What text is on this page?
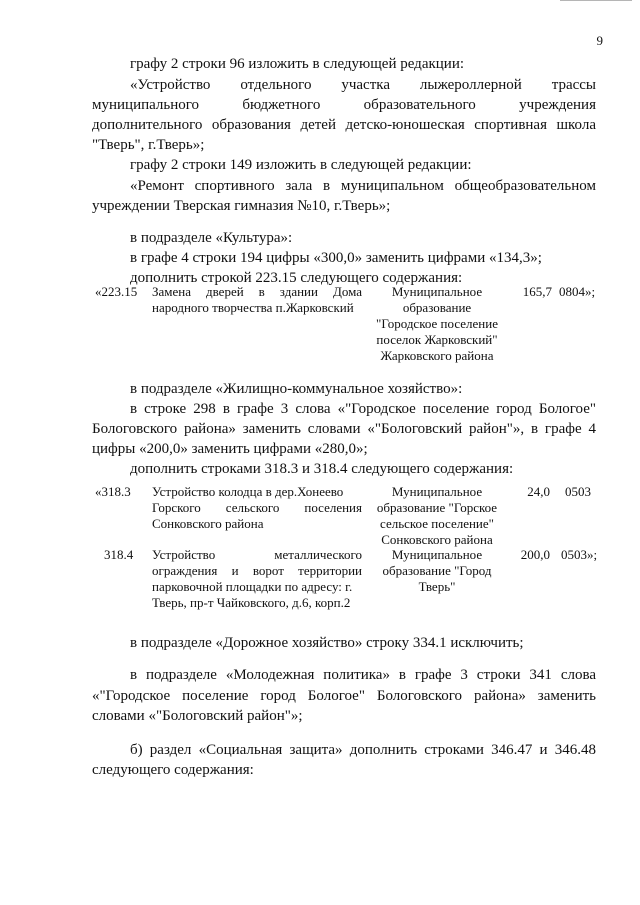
9
графу 2 строки 96 изложить в следующей редакции:
«Устройство отдельного участка лыжероллерной трассы
муниципального бюджетного образовательного учреждения
дополнительного образования детей детско-юношеская спортивная школа
"Тверь", г.Тверь»;
графу 2 строки 149 изложить в следующей редакции:
«Ремонт спортивного зала в муниципальном общеобразовательном
учреждении Тверская гимназия №10, г.Тверь»;
в подразделе «Культура»:
в графе 4 строки 194 цифры «300,0» заменить цифрами «134,3»;
дополнить строкой 223.15 следующего содержания:
«223.15 Замена дверей в здании Дома
народного творчества п.Жарковский
Муниципальное
образование
"Городское поселение
поселок Жарковский"
Жарковского района
165,7 0804»;
в подразделе «Жилищно-коммунальное хозяйство»:
в строке 298 в графе 3 слова «"Городское поселение город Бологое"
Бологовского района» заменить словами «"Бологовский район"», в графе 4
цифры «200,0» заменить цифрами «280,0»;
дополнить строками 318.3 и 318.4 следующего содержания:
«318.3 Устройство колодца в дер.Хонеево
Горского сельского поселения
Сонковского района
Муниципальное
образование "Горское
сельское поселение"
Сонковского района
24,0 0503
318.4 Устройство металлического
ограждения и ворот территории
парковочной площадки по адресу: г.
Тверь, пр-т Чайковского, д.6, корп.2
Муниципальное
образование "Город
Тверь"
200,0 0503»;
в подразделе «Дорожное хозяйство» строку 334.1 исключить;
в подразделе «Молодежная политика» в графе 3 строки 341 слова
«"Городское поселение город Бологое" Бологовского района» заменить
словами «"Бологовский район"»;
б) раздел «Социальная защита» дополнить строками 346.47 и 346.48
следующего содержания:
